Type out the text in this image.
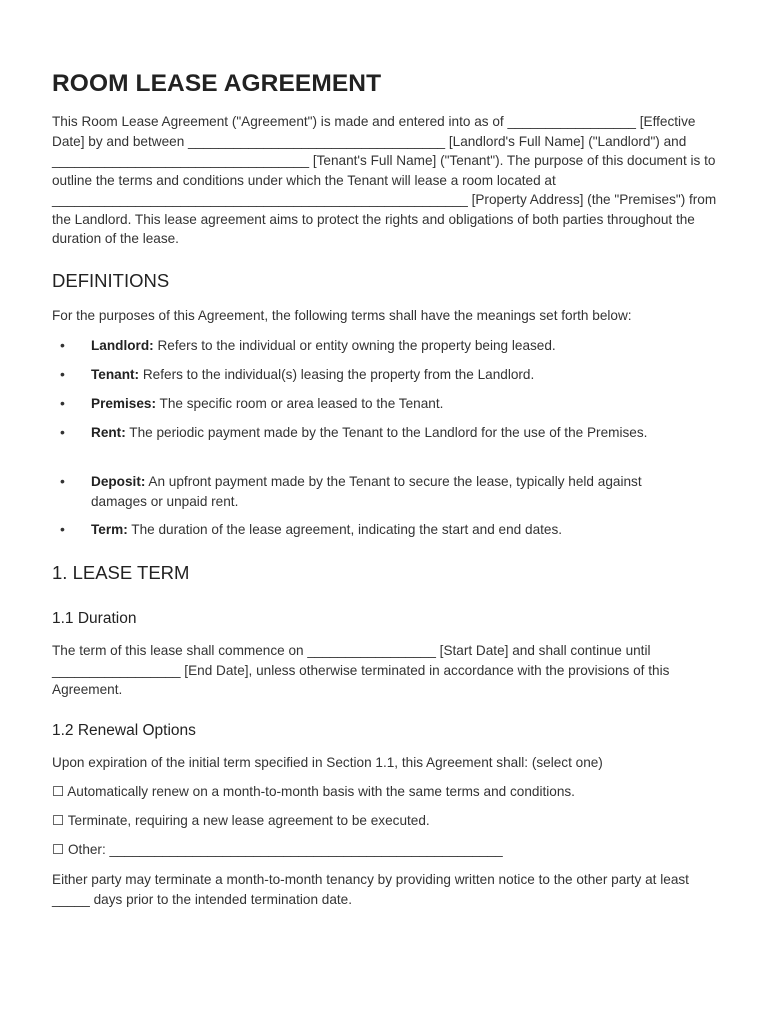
ROOM LEASE AGREEMENT

This Room Lease Agreement ("Agreement") is made and entered into as of _________________ [Effective Date] by and between __________________________________ [Landlord's Full Name] ("Landlord") and __________________________________ [Tenant's Full Name] ("Tenant"). The purpose of this document is to outline the terms and conditions under which the Tenant will lease a room located at _______________________________________________________ [Property Address] (the "Premises") from the Landlord. This lease agreement aims to protect the rights and obligations of both parties throughout the duration of the lease.

DEFINITIONS

For the purposes of this Agreement, the following terms shall have the meanings set forth below:

• Landlord: Refers to the individual or entity owning the property being leased.
• Tenant: Refers to the individual(s) leasing the property from the Landlord.
• Premises: The specific room or area leased to the Tenant.
• Rent: The periodic payment made by the Tenant to the Landlord for the use of the Premises.
• Deposit: An upfront payment made by the Tenant to secure the lease, typically held against damages or unpaid rent.
• Term: The duration of the lease agreement, indicating the start and end dates.
1. LEASE TERM
1.1 Duration

The term of this lease shall commence on _________________ [Start Date] and shall continue until _________________ [End Date], unless otherwise terminated in accordance with the provisions of this Agreement.

1.2 Renewal Options

Upon expiration of the initial term specified in Section 1.1, this Agreement shall: (select one)

☐ Automatically renew on a month-to-month basis with the same terms and conditions.
☐ Terminate, requiring a new lease agreement to be executed.
☐ Other: ____________________________________________________

Either party may terminate a month-to-month tenancy by providing written notice to the other party at least _____ days prior to the intended termination date.
